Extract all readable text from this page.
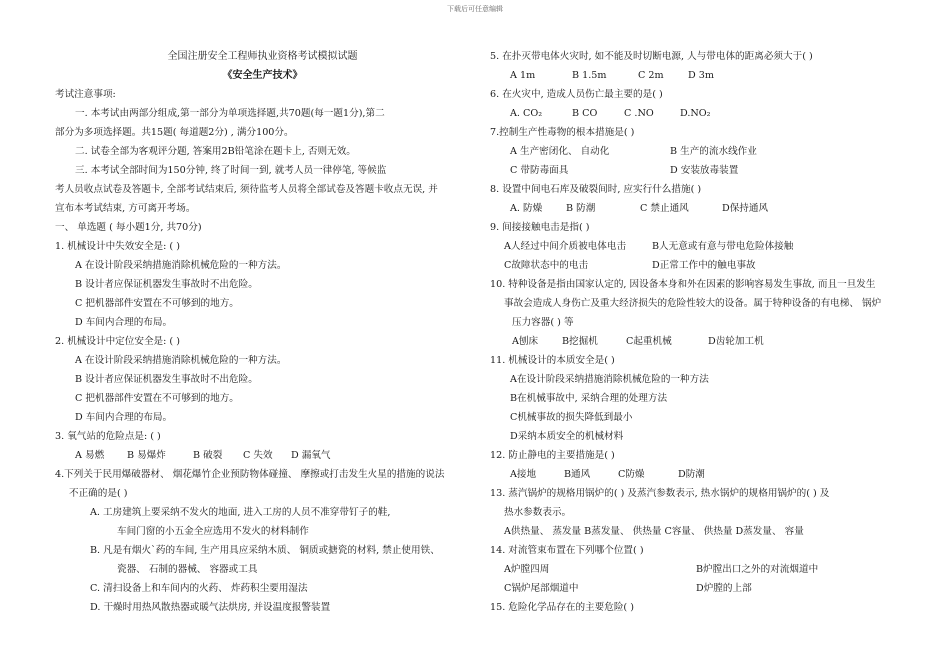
下载后可任意编辑
全国注册安全工程师执业资格考试模拟试题
《安全生产技术》
考试注意事项:
一. 本考试由两部分组成,第一部分为单项选择题,共70题(每一题1分),第二
部分为多项选择题。共15题( 每道题2分) , 满分100分。
二. 试卷全部为客观评分题, 答案用2B铅笔涂在题卡上, 否则无效。
三. 本考试全部时间为150分钟, 终了时间一到, 就考人员一律停笔, 等候监
考人员收点试卷及答题卡, 全部考试结束后, 须待监考人员将全部试卷及答题卡收点无误, 并
宣布本考试结束, 方可离开考场。
一、 单选题 ( 每小题1分, 共70分)
1. 机械设计中失效安全是: ( )
A 在设计阶段采纳措施消除机械危险的一种方法。
B 设计者应保证机器发生事故时不出危险。
C 把机器部件安置在不可够到的地方。
D 车间内合理的布局。
2. 机械设计中定位安全是: ( )
A 在设计阶段采纳措施消除机械危险的一种方法。
B 设计者应保证机器发生事故时不出危险。
C 把机器部件安置在不可够到的地方。
D 车间内合理的布局。
3. 氧气站的危险点是: ( )
A 易燃	B 易爆炸	B 破裂	C 失效	D 漏氧气
4.下列关于民用爆破器材、 烟花爆竹企业预防物体碰撞、 摩擦或打击发生火星的措施的说法
不正确的是( )
A. 工房建筑上要采纳不发火的地面, 进入工房的人员不准穿带钉子的鞋,
车间门窗的小五金全应选用不发火的材料制作
B. 凡是有烟火`药的车间, 生产用具应采纳木质、 铜质或搪瓷的材料, 禁止使用铁、
瓷器、 石制的器械、 容器或工具
C. 清扫设备上和车间内的火药、 炸药积尘要用湿法
D. 干燥时用热风散热器或暖气法烘房, 并设温度报警装置
5. 在扑灭带电体火灾时, 如不能及时切断电源, 人与带电体的距离必须大于( )
A 1m	B 1.5m	C 2m	D 3m
6. 在火灾中, 造成人员伤亡最主要的是( )
A. CO₂	B CO	C .NO	D.NO₂
7.控制生产性毒物的根本措施是( )
A 生产密闭化、 自动化	B 生产的流水线作业
C 带防毒面具	D 安装放毒装置
8. 设置中间电石库及破裂间时, 应实行什么措施( )
A. 防燥	B 防潮	C 禁止通风	D保持通风
9. 间接接触电击是指( )
A人经过中间介质被电体电击	B人无意或有意与带电危险体接触
C故障状态中的电击	D正常工作中的触电事故
10. 特种设备是指由国家认定的, 因设备本身和外在因素的影响容易发生事故, 而且一旦发生
事故会造成人身伤亡及重大经济损失的危险性较大的设备。属于特种设备的有电梯、 锅炉
压力容器( ) 等
A刨床	B挖掘机	C起重机械	D齿轮加工机
11. 机械设计的本质安全是( )
A在设计阶段采纳措施消除机械危险的一种方法
B在机械事故中, 采纳合理的处理方法
C机械事故的损失降低到最小
D采纳本质安全的机械材料
12. 防止静电的主要措施是( )
A接地	B通风	C防燥	D防潮
13. 蒸汽锅炉的规格用锅炉的( ) 及蒸汽参数表示, 热水锅炉的规格用锅炉的( ) 及
热水参数表示。
A供热量、 蒸发量 B蒸发量、 供热量 C容量、 供热量 D蒸发量、 容量
14. 对流管束布置在下列哪个位置( )
A炉膛四周	B炉膛出口之外的对流烟道中
C锅炉尾部烟道中	D炉膛的上部
15. 危险化学品存在的主要危险( )
